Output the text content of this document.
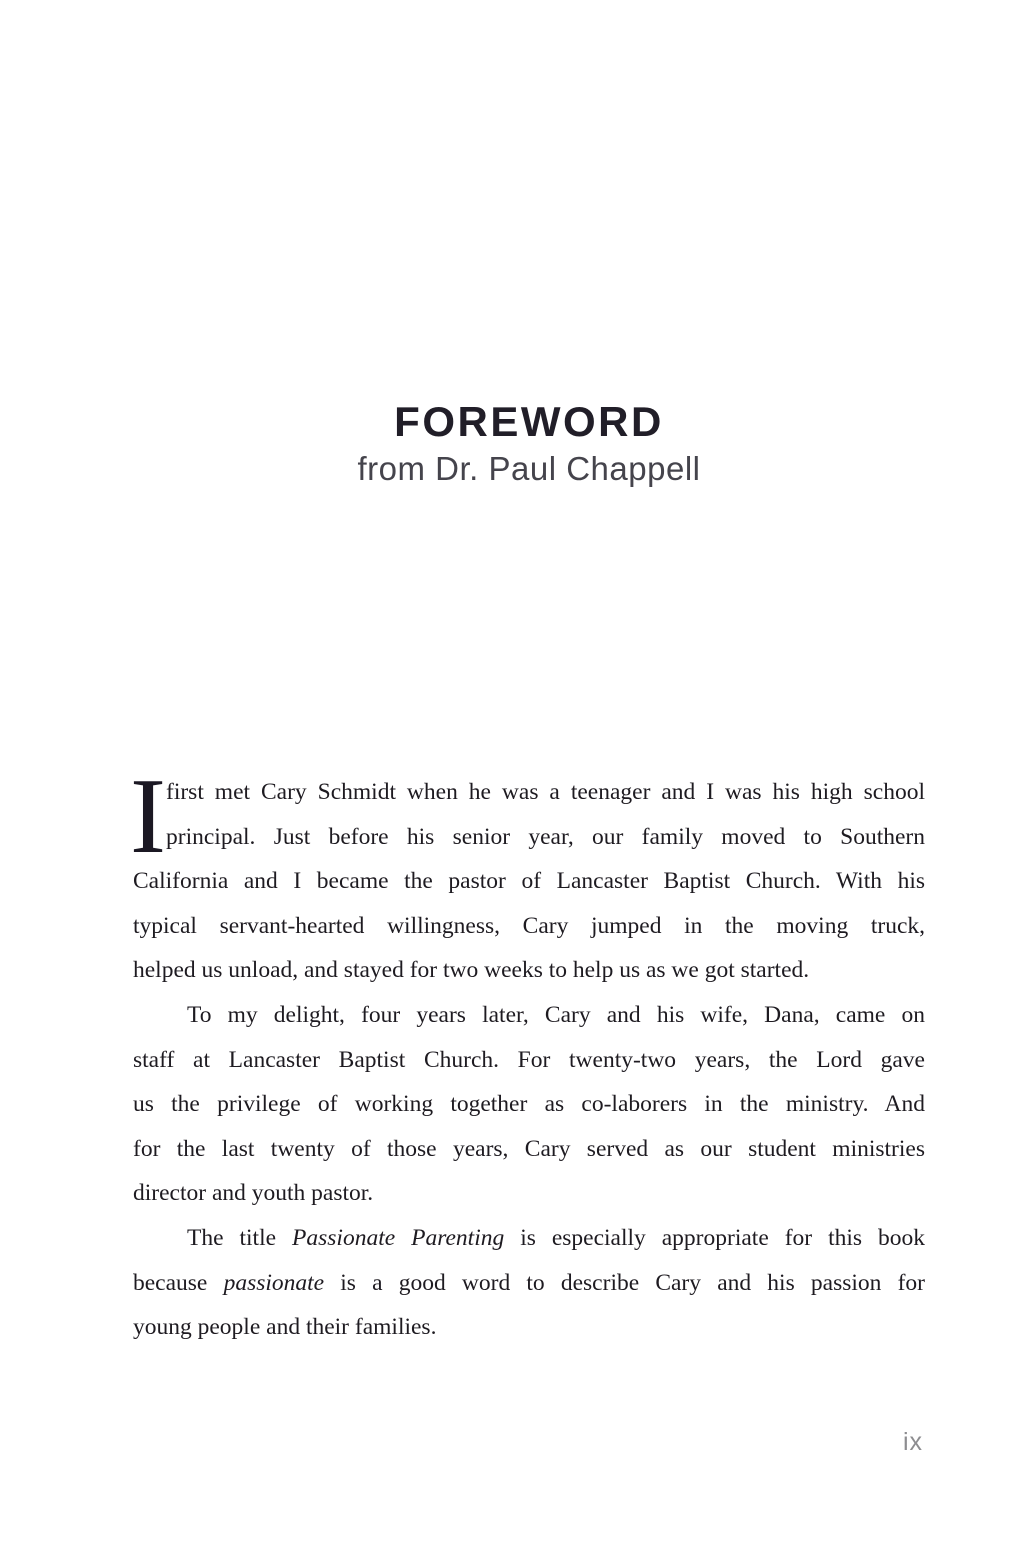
FOREWORD
from Dr. Paul Chappell
I first met Cary Schmidt when he was a teenager and I was his high school
principal. Just before his senior year, our family moved to Southern
California and I became the pastor of Lancaster Baptist Church. With his
typical servant-hearted willingness, Cary jumped in the moving truck,
helped us unload, and stayed for two weeks to help us as we got started.
To my delight, four years later, Cary and his wife, Dana, came on
staff at Lancaster Baptist Church. For twenty-two years, the Lord gave
us the privilege of working together as co-laborers in the ministry. And
for the last twenty of those years, Cary served as our student ministries
director and youth pastor.
The title Passionate Parenting is especially appropriate for this book
because passionate is a good word to describe Cary and his passion for
young people and their families.
ix
